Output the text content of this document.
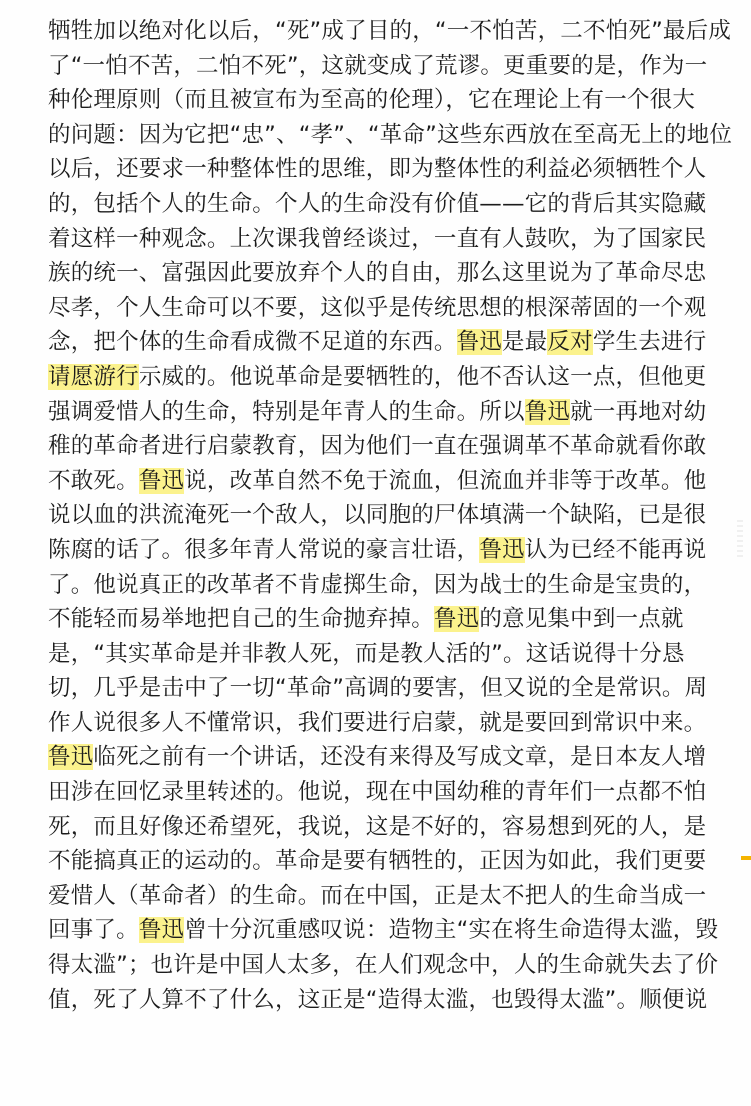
牺牲加以绝对化以后，“死”成了目的，“一不怕苦，二不怕死”最后成
了“一怕不苦，二怕不死”，这就变成了荒谬。更重要的是，作为一
种伦理原则（而且被宣布为至高的伦理），它在理论上有一个很大
的问题：因为它把“忠”、“孝”、“革命”这些东西放在至高无上的地位
以后，还要求一种整体性的思维，即为整体性的利益必须牺牲个人
的，包括个人的生命。个人的生命没有价值——它的背后其实隐藏
着这样一种观念。上次课我曾经谈过，一直有人鼓吹，为了国家民
族的统一、富强因此要放弃个人的自由，那么这里说为了革命尽忠
尽孝，个人生命可以不要，这似乎是传统思想的根深蒂固的一个观
念，把个体的生命看成微不足道的东西。鲁迅是最反对学生去进行
请愿游行示威的。他说革命是要牺牲的，他不否认这一点，但他更
强调爱惜人的生命，特别是年青人的生命。所以鲁迅就一再地对幼
稚的革命者进行启蒙教育，因为他们一直在强调革不革命就看你敢
不敢死。鲁迅说，改革自然不免于流血，但流血并非等于改革。他
说以血的洪流淹死一个敌人，以同胞的尸体填满一个缺陷，已是很
陈腐的话了。很多年青人常说的豪言壮语，鲁迅认为已经不能再说
了。他说真正的改革者不肯虚掷生命，因为战士的生命是宝贵的，
不能轻而易举地把自己的生命抛弃掉。鲁迅的意见集中到一点就
是，“其实革命是并非教人死，而是教人活的”。这话说得十分恳
切，几乎是击中了一切“革命”高调的要害，但又说的全是常识。周
作人说很多人不懂常识，我们要进行启蒙，就是要回到常识中来。
鲁迅临死之前有一个讲话，还没有来得及写成文章，是日本友人增
田涉在回忆录里转述的。他说，现在中国幼稚的青年们一点都不怕
死，而且好像还希望死，我说，这是不好的，容易想到死的人，是
不能搞真正的运动的。革命是要有牺牲的，正因为如此，我们更要
爱惜人（革命者）的生命。而在中国，正是太不把人的生命当成一
回事了。鲁迅曾十分沉重感叹说：造物主“实在将生命造得太滥，毁
得太滥”；也许是中国人太多，在人们观念中，人的生命就失去了价
值，死了人算不了什么，这正是“造得太滥，也毁得太滥”。顺便说
